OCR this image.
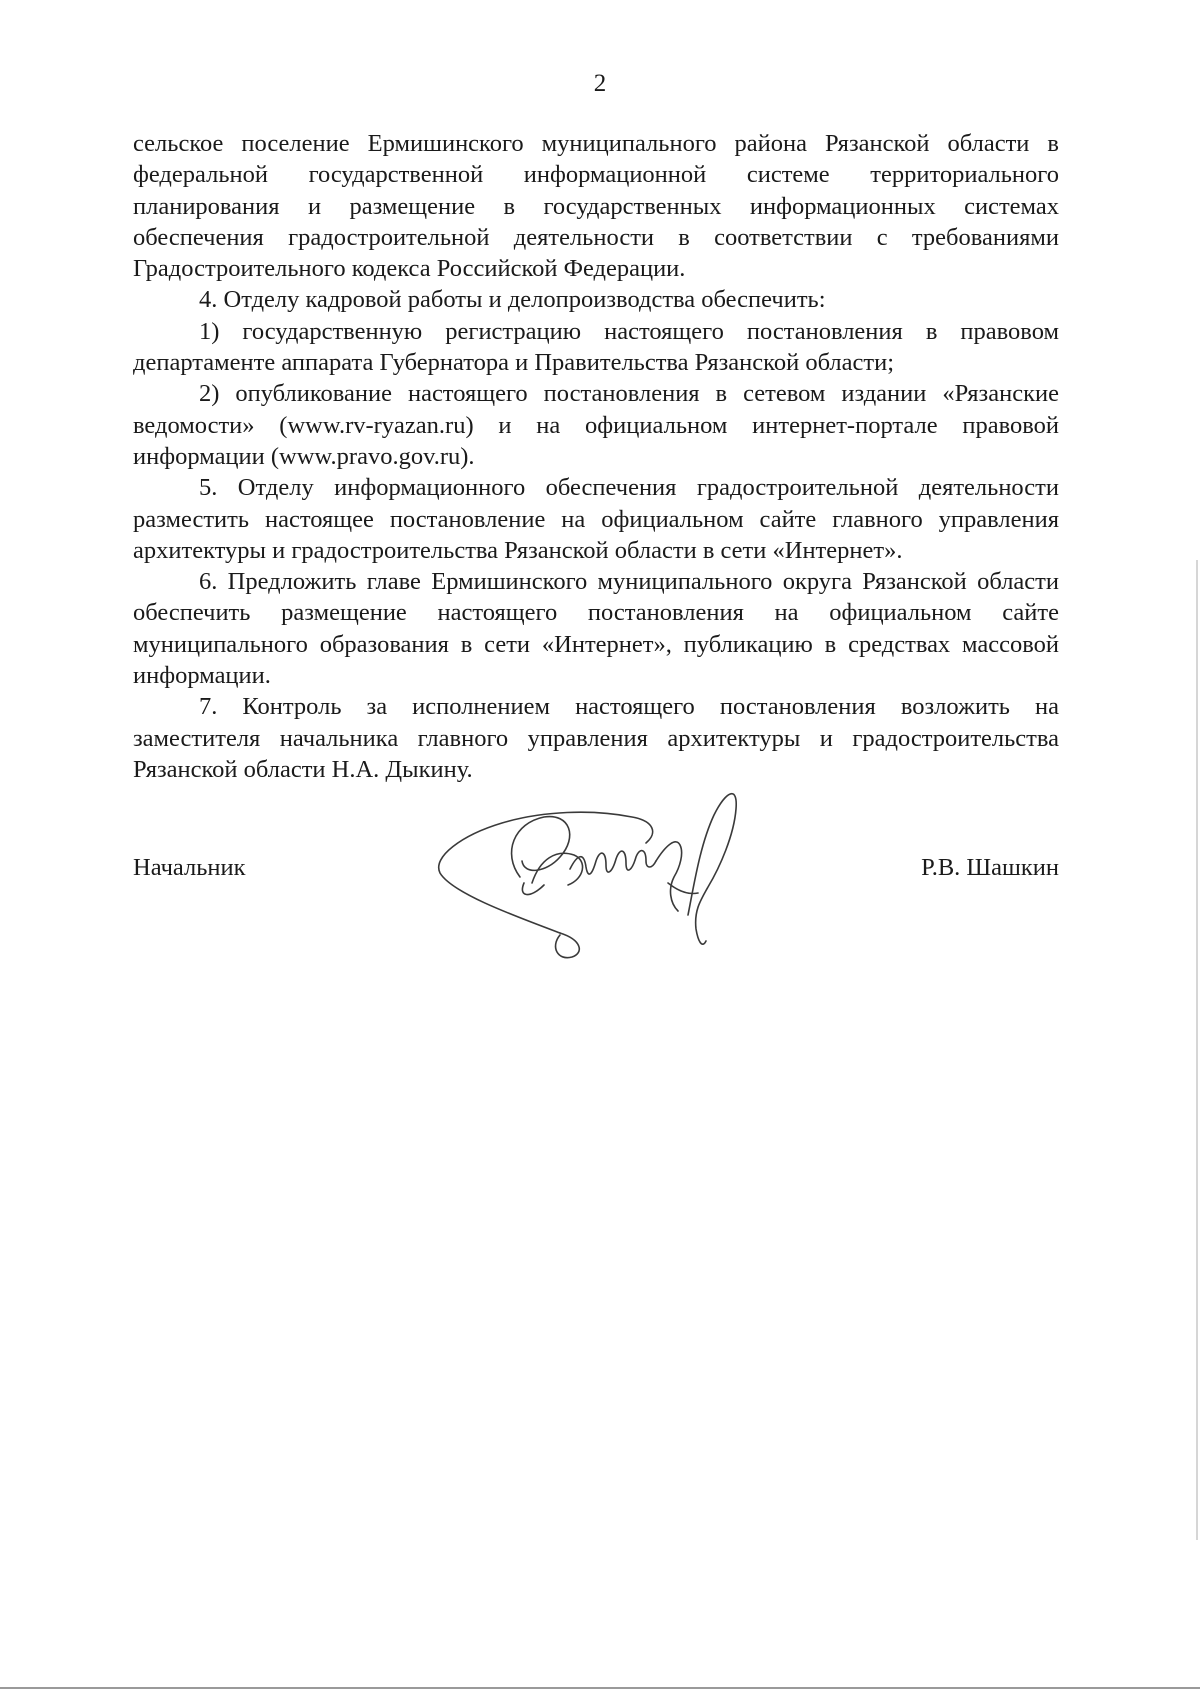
2

сельское поселение Ермишинского муниципального района Рязанской области в федеральной государственной информационной системе территориального планирования и размещение в государственных информационных системах обеспечения градостроительной деятельности в соответствии с требованиями Градостроительного кодекса Российской Федерации.

4. Отделу кадровой работы и делопроизводства обеспечить:

1) государственную регистрацию настоящего постановления в правовом департаменте аппарата Губернатора и Правительства Рязанской области;

2) опубликование настоящего постановления в сетевом издании «Рязанские ведомости» (www.rv-ryazan.ru) и на официальном интернет-портале правовой информации (www.pravo.gov.ru).

5. Отделу информационного обеспечения градостроительной деятельности разместить настоящее постановление на официальном сайте главного управления архитектуры и градостроительства Рязанской области в сети «Интернет».

6. Предложить главе Ермишинского муниципального округа Рязанской области обеспечить размещение настоящего постановления на официальном сайте муниципального образования в сети «Интернет», публикацию в средствах массовой информации.

7. Контроль за исполнением настоящего постановления возложить на заместителя начальника главного управления архитектуры и градостроительства Рязанской области Н.А. Дыкину.

Начальник	Р.В. Шашкин
